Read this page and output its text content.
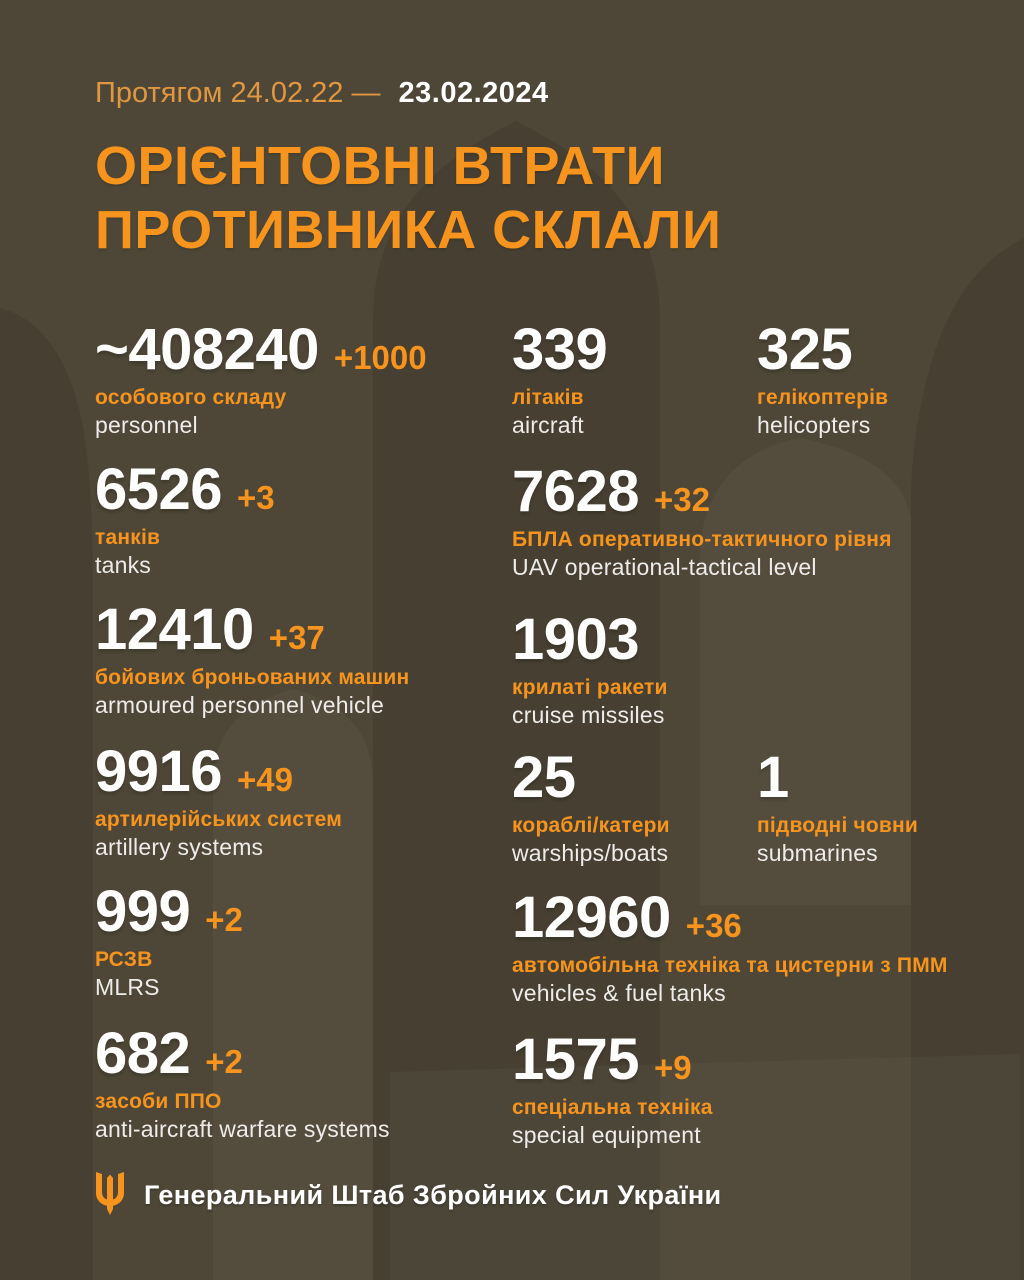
Протягом 24.02.22 — 23.02.2024
ОРІЄНТОВНІ ВТРАТИ
ПРОТИВНИКА СКЛАЛИ
~408240 +1000
особового складу
personnel
6526 +3
танків
tanks
12410 +37
бойових броньованих машин
armoured personnel vehicle
9916 +49
артилерійських систем
artillery systems
999 +2
РСЗВ
MLRS
682 +2
засоби ППО
anti-aircraft warfare systems
339
літаків
aircraft
325
гелікоптерів
helicopters
7628 +32
БПЛА оперативно-тактичного рівня
UAV operational-tactical level
1903
крилаті ракети
cruise missiles
25
кораблі/катери
warships/boats
1
підводні човни
submarines
12960 +36
автомобільна техніка та цистерни з ПММ
vehicles & fuel tanks
1575 +9
спеціальна техніка
special equipment
Генеральний Штаб Збройних Сил України
